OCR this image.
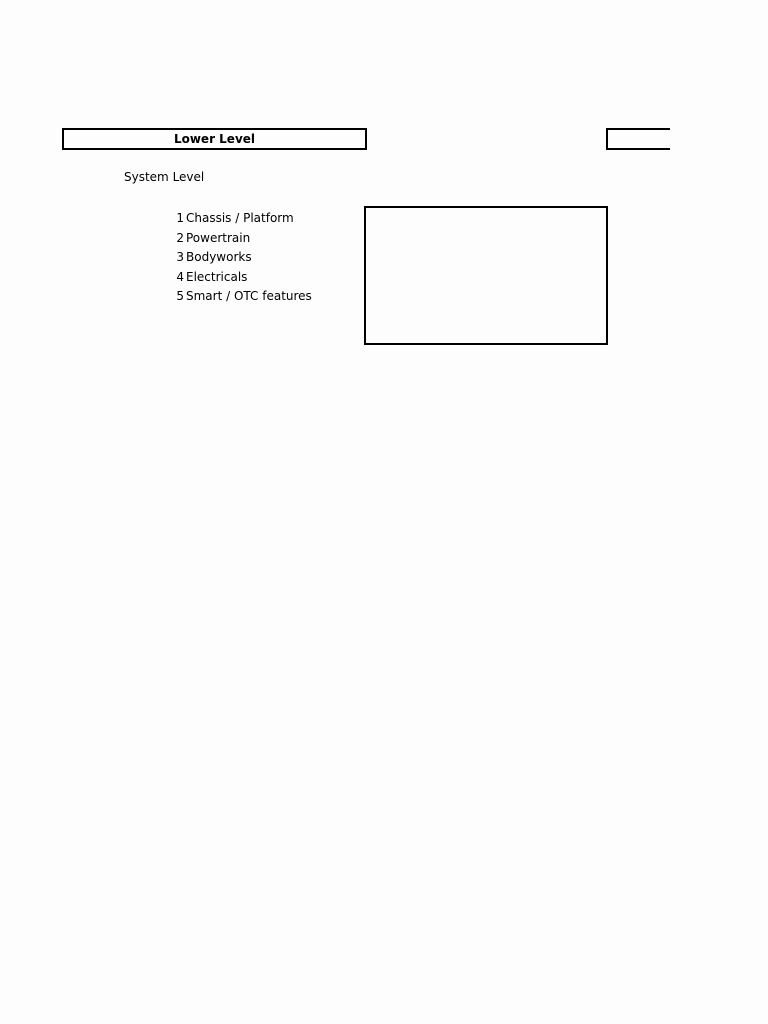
Lower Level
System Level
1 Chassis / Platform
2 Powertrain
3 Bodyworks
4 Electricals
5 Smart / OTC features
